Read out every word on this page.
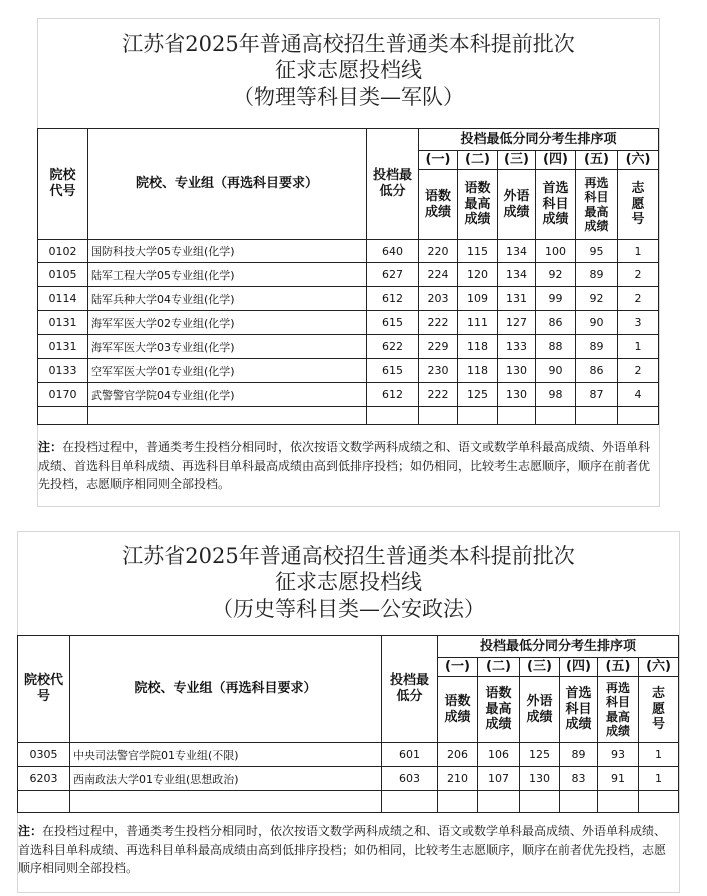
江苏省2025年普通高校招生普通类本科提前批次
征求志愿投档线
（物理等科目类—军队）
院校代号	院校、专业组（再选科目要求）	投档最低分	投档最低分同分考生排序项					
			(一)	(二)	(三)	(四)	(五)	(六)
			语数成绩	语数最高成绩	外语成绩	首选科目成绩	再选科目最高成绩	志愿号
0102	国防科技大学05专业组(化学)	640	220	115	134	100	95	1
0105	陆军工程大学05专业组(化学)	627	224	120	134	92	89	2
0114	陆军兵种大学04专业组(化学)	612	203	109	131	99	92	2
0131	海军军医大学02专业组(化学)	615	222	111	127	86	90	3
0131	海军军医大学03专业组(化学)	622	229	118	133	88	89	1
0133	空军军医大学01专业组(化学)	615	230	118	130	90	86	2
0170	武警警官学院04专业组(化学)	612	222	125	130	98	87	4

注：在投档过程中，普通类考生投档分相同时，依次按语文数学两科成绩之和、语文或数学单科最高成绩、外语单科成绩、首选科目单科成绩、再选科目单科最高成绩由高到低排序投档；如仍相同，比较考生志愿顺序，顺序在前者优先投档，志愿顺序相同则全部投档。
江苏省2025年普通高校招生普通类本科提前批次
征求志愿投档线
（历史等科目类—公安政法）
院校代号	院校、专业组（再选科目要求）	投档最低分	投档最低分同分考生排序项					
			(一)	(二)	(三)	(四)	(五)	(六)
			语数成绩	语数最高成绩	外语成绩	首选科目成绩	再选科目最高成绩	志愿号
0305	中央司法警官学院01专业组(不限)	601	206	106	125	89	93	1
6203	西南政法大学01专业组(思想政治)	603	210	107	130	83	91	1

注：在投档过程中，普通类考生投档分相同时，依次按语文数学两科成绩之和、语文或数学单科最高成绩、外语单科成绩、首选科目单科成绩、再选科目单科最高成绩由高到低排序投档；如仍相同，比较考生志愿顺序，顺序在前者优先投档，志愿顺序相同则全部投档。
